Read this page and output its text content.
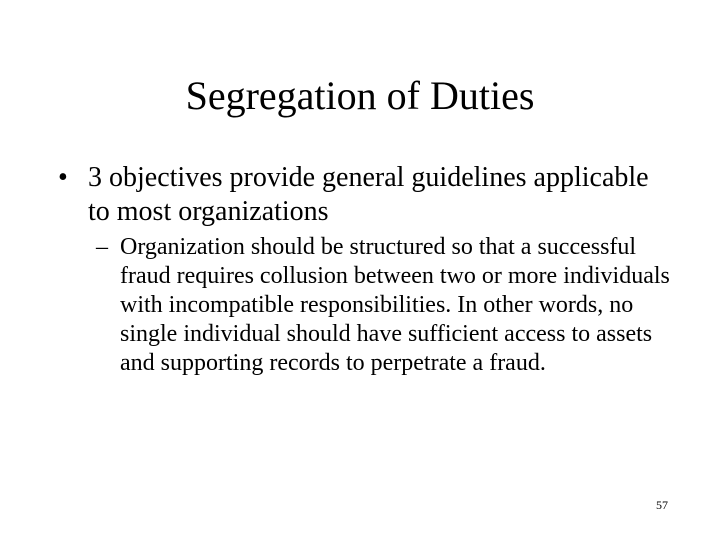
Segregation of Duties
• 3 objectives provide general guidelines applicable to most organizations
– Organization should be structured so that a successful fraud requires collusion between two or more individuals with incompatible responsibilities. In other words, no single individual should have sufficient access to assets and supporting records to perpetrate a fraud.
57
